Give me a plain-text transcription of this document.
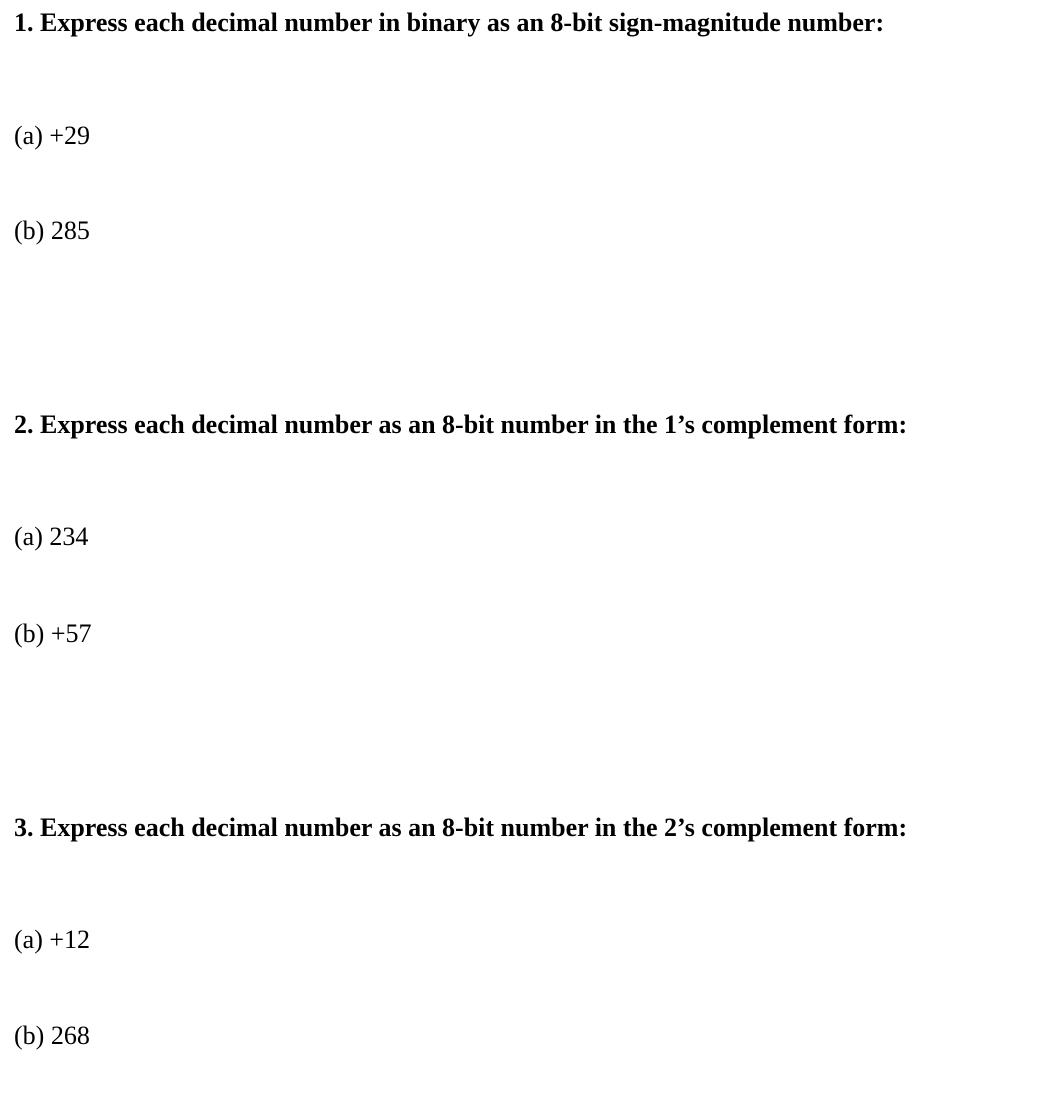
1. Express each decimal number in binary as an 8-bit sign-magnitude number:

(a) +29

(b) 285

2. Express each decimal number as an 8-bit number in the 1’s complement form:

(a) 234

(b) +57

3. Express each decimal number as an 8-bit number in the 2’s complement form:

(a) +12

(b) 268
